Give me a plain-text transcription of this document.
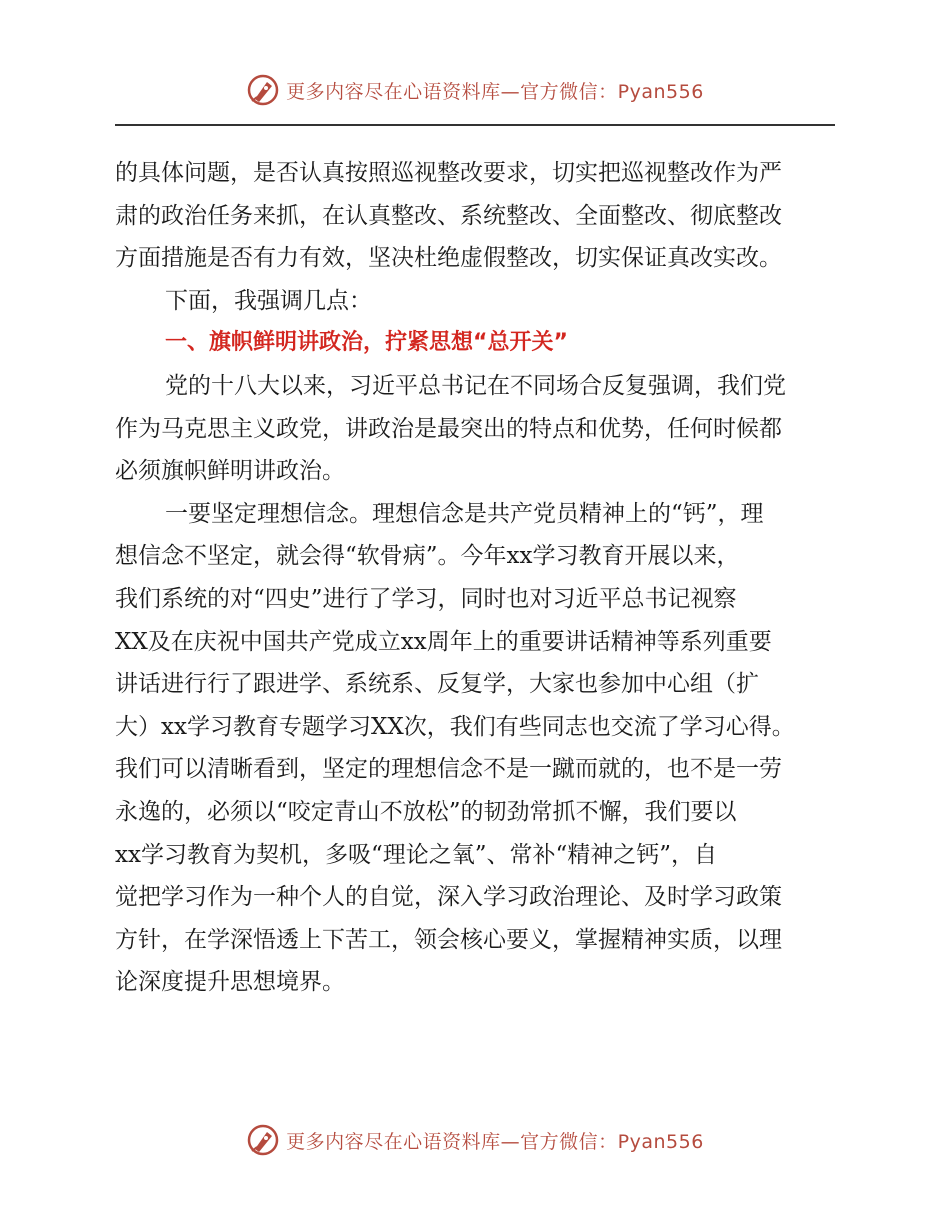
更多内容尽在心语资料库—官方微信：Pyan556
的具体问题，是否认真按照巡视整改要求，切实把巡视整改作为严
肃的政治任务来抓，在认真整改、系统整改、全面整改、彻底整改
方面措施是否有力有效，坚决杜绝虚假整改，切实保证真改实改。
下面，我强调几点：
一、旗帜鲜明讲政治，拧紧思想“总开关”
党的十八大以来，习近平总书记在不同场合反复强调，我们党
作为马克思主义政党，讲政治是最突出的特点和优势，任何时候都
必须旗帜鲜明讲政治。
一要坚定理想信念。理想信念是共产党员精神上的“钙”，理
想信念不坚定，就会得“软骨病”。今年xx学习教育开展以来，
我们系统的对“四史”进行了学习，同时也对习近平总书记视察
XX及在庆祝中国共产党成立xx周年上的重要讲话精神等系列重要
讲话进行行了跟进学、系统系、反复学，大家也参加中心组（扩
大）xx学习教育专题学习XX次，我们有些同志也交流了学习心得。
我们可以清晰看到，坚定的理想信念不是一蹴而就的，也不是一劳
永逸的，必须以“咬定青山不放松”的韧劲常抓不懈，我们要以
xx学习教育为契机，多吸“理论之氧”、常补“精神之钙”，自
觉把学习作为一种个人的自觉，深入学习政治理论、及时学习政策
方针，在学深悟透上下苦工，领会核心要义，掌握精神实质，以理
论深度提升思想境界。
更多内容尽在心语资料库—官方微信：Pyan556
